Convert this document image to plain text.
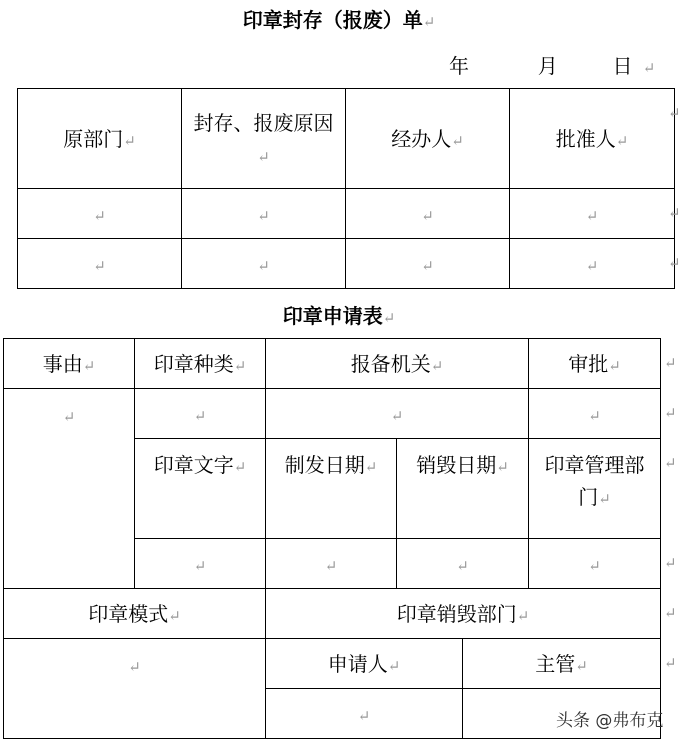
印章封存（报废）单↵
年	月	日 ↵
原部门↵	封存、报废原因↵	经办人↵	批准人↵
↵	↵	↵	↵
↵	↵	↵	↵
↵
↵
↵
印章申请表↵
事由↵	印章种类↵	报备机关↵			审批↵
↵	↵	↵			↵
	印章文字↵	制发日期↵	销毁日期↵		印章管理部门↵
	↵	↵	↵		↵

印章模式↵		印章销毁部门↵			
↵		申请人↵		主管↵	
		↵			
↵
↵
↵
↵
↵
↵
头条 @弗布克
